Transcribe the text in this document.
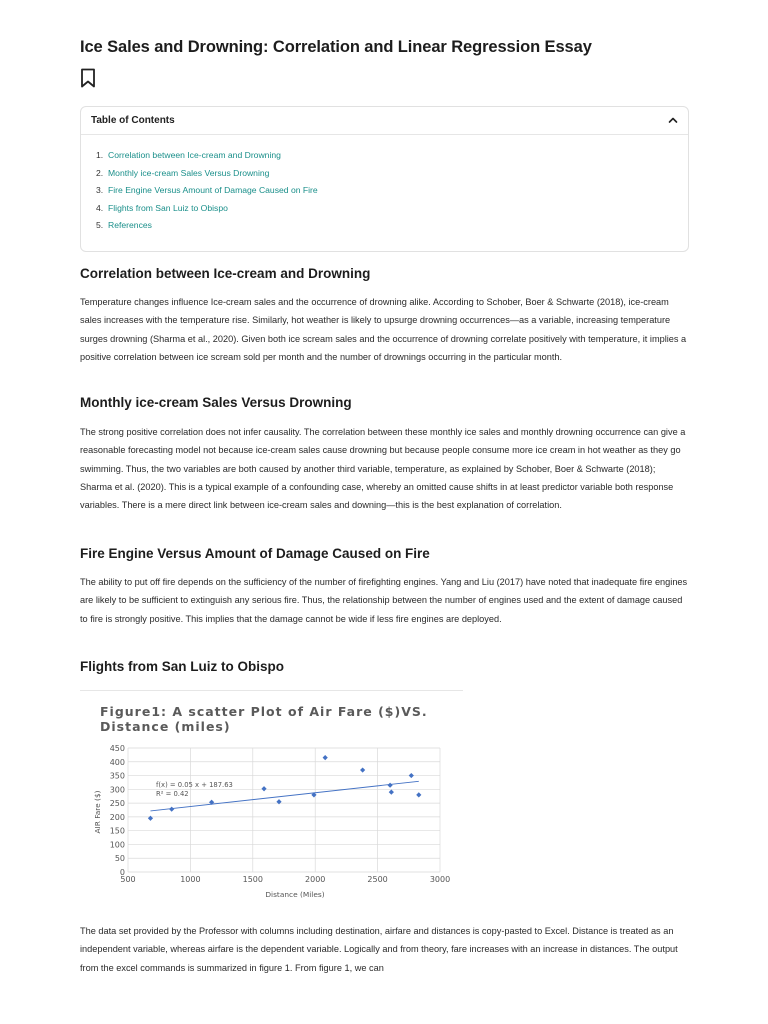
Ice Sales and Drowning: Correlation and Linear Regression Essay
Table of Contents
1. Correlation between Ice-cream and Drowning
2. Monthly ice-cream Sales Versus Drowning
3. Fire Engine Versus Amount of Damage Caused on Fire
4. Flights from San Luiz to Obispo
5. References
Correlation between Ice-cream and Drowning

Temperature changes influence Ice-cream sales and the occurrence of drowning alike. According to Schober, Boer & Schwarte (2018), ice-cream sales increases with the temperature rise. Similarly, hot weather is likely to upsurge drowning occurrences—as a variable, increasing temperature surges drowning (Sharma et al., 2020). Given both ice scream sales and the occurrence of drowning correlate positively with temperature, it implies a positive correlation between ice scream sold per month and the number of drownings occurring in the particular month.

Monthly ice-cream Sales Versus Drowning

The strong positive correlation does not infer causality. The correlation between these monthly ice sales and monthly drowning occurrence can give a reasonable forecasting model not because ice-cream sales cause drowning but because people consume more ice cream in hot weather as they go swimming. Thus, the two variables are both caused by another third variable, temperature, as explained by Schober, Boer & Schwarte (2018); Sharma et al. (2020). This is a typical example of a confounding case, whereby an omitted cause shifts in at least predictor variable both response variables. There is a mere direct link between ice-cream sales and downing—this is the best explanation of correlation.

Fire Engine Versus Amount of Damage Caused on Fire

The ability to put off fire depends on the sufficiency of the number of firefighting engines. Yang and Liu (2017) have noted that inadequate fire engines are likely to be sufficient to extinguish any serious fire. Thus, the relationship between the number of engines used and the extent of damage caused to fire is strongly positive. This implies that the damage cannot be wide if less fire engines are deployed.

Flights from San Luiz to Obispo
Figure1: A scatter Plot of Air Fare ($)VS.
Distance (miles)
0
50
100
150
200
250
300
350
400
450
500	1000	1500	2000	2500	3000
f(x) = 0.05 x + 187.63
R² = 0.42
Distance (Miles)
AIR Fare ($)

The data set provided by the Professor with columns including destination, airfare and distances is copy-pasted to Excel. Distance is treated as an independent variable, whereas airfare is the dependent variable. Logically and from theory, fare increases with an increase in distances. The output from the excel commands is summarized in figure 1. From figure 1, we can
